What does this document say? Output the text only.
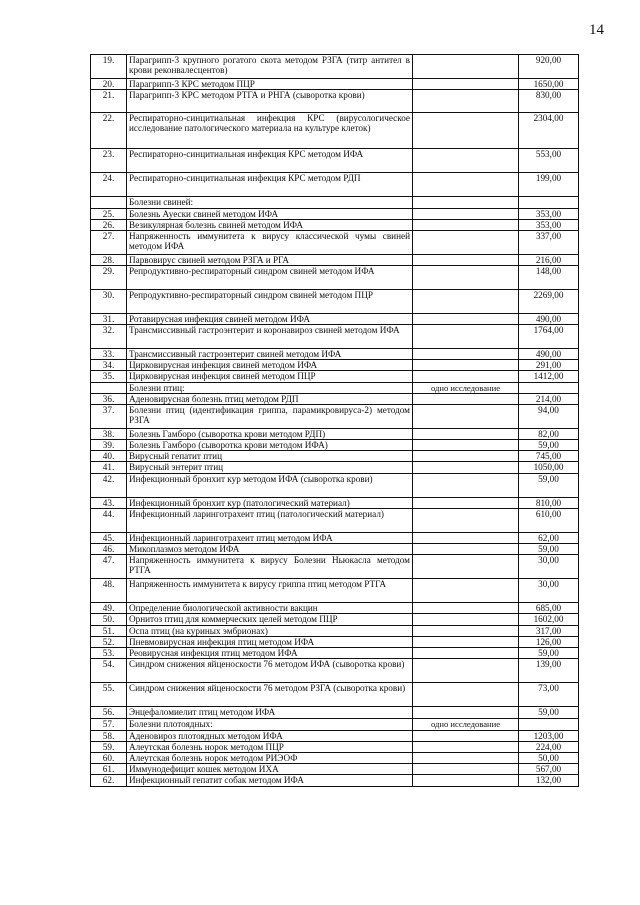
14
19.	Парагрипп-3 крупного рогатого скота методом РЗГА (титр антител в крови реконвалесцентов)		920,00
20.	Парагрипп-3 КРС методом ПЦР		1650,00
21.	Парагрипп-3 КРС методом РТГА и РНГА (сыворотка крови)		830,00
22.	Респираторно-синцитиальная инфекция КРС (вирусологическое исследование патологического материала на культуре клеток)		2304,00
23.	Респираторно-синцитиальная инфекция КРС методом ИФА		553,00
24.	Респираторно-синцитиальная инфекция КРС методом РДП		199,00
	Болезни свиней:		
25.	Болезнь Ауески свиней методом ИФА		353,00
26.	Везикулярная болезнь свиней методом ИФА		353,00
27.	Напряженность иммунитета к вирусу классической чумы свиней методом ИФА		337,00
28.	Парвовирус свиней методом РЗГА и РГА		216,00
29.	Репродуктивно-респираторный синдром свиней методом ИФА		148,00
30.	Репродуктивно-респираторный синдром свиней методом ПЦР		2269,00
31.	Ротавирусная инфекция свиней методом ИФА		490,00
32.	Трансмиссивный гастроэнтерит и коронавироз свиней методом ИФА		1764,00
33.	Трансмиссивный гастроэнтерит свиней методом ИФА		490,00
34.	Цирковирусная инфекция свиней методом ИФА		291,00
35.	Цирковирусная инфекция свиней методом ПЦР		1412,00
	Болезни птиц:	одно исследование	
36.	Аденовирусная болезнь птиц методом РДП		214,00
37.	Болезни птиц (идентификация гриппа, парамикровируса-2) методом РЗГА		94,00
38.	Болезнь Гамборо (сыворотка крови методом РДП)		82,00
39.	Болезнь Гамборо (сыворотка крови методом ИФА)		59,00
40.	Вирусный гепатит птиц		745,00
41.	Вирусный энтерит птиц		1050,00
42.	Инфекционный бронхит кур методом ИФА (сыворотка крови)		59,00
43.	Инфекционный бронхит кур (патологический материал)		810,00
44.	Инфекционный ларинготрахеит птиц (патологический материал)		610,00
45.	Инфекционный ларинготрахеит птиц методом ИФА		62,00
46.	Микоплазмоз методом ИФА		59,00
47.	Напряженность иммунитета к вирусу Болезни Ньюкасла методом РТГА		30,00
48.	Напряженность иммунитета к вирусу гриппа птиц методом РТГА		30,00
49.	Определение биологической активности вакцин		685,00
50.	Орнитоз птиц для коммерческих целей методом ПЦР		1602,00
51.	Оспа птиц (на куриных эмбрионах)		317,00
52.	Пневмовирусная инфекция птиц методом ИФА		126,00
53.	Реовирусная инфекция птиц методом ИФА		59,00
54.	Синдром снижения яйценоскости 76 методом ИФА (сыворотка крови)		139,00
55.	Синдром снижения яйценоскости 76 методом РЗГА (сыворотка крови)		73,00
56.	Энцефаломиелит птиц методом ИФА		59,00
57.	Болезни плотоядных:	одно исследование	
58.	Аденовироз плотоядных методом ИФА		1203,00
59.	Алеутская болезнь норок методом ПЦР		224,00
60.	Алеутская болезнь норок методом РИЭОФ		50,00
61.	Иммунодефицит кошек методом ИХА		567,00
62.	Инфекционный гепатит собак методом ИФА		132,00
